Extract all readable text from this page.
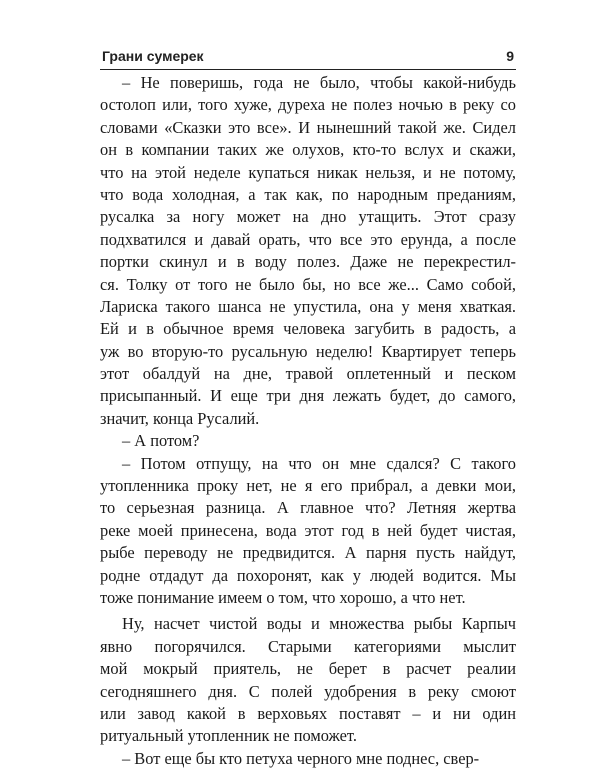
Грани сумерек	9
– Не поверишь, года не было, чтобы какой-нибудь
остолоп или, того хуже, дуреха не полез ночью в реку со
словами «Сказки это все». И нынешний такой же. Сидел
он в компании таких же олухов, кто-то вслух и скажи,
что на этой неделе купаться никак нельзя, и не потому,
что вода холодная, а так как, по народным преданиям,
русалка за ногу может на дно утащить. Этот сразу
подхватился и давай орать, что все это ерунда, а после
портки скинул и в воду полез. Даже не перекрестил-
ся. Толку от того не было бы, но все же... Само собой,
Лариска такого шанса не упустила, она у меня хваткая.
Ей и в обычное время человека загубить в радость, а
уж во вторую-то русальную неделю! Квартирует теперь
этот обалдуй на дне, травой оплетенный и песком
присыпанный. И еще три дня лежать будет, до самого,
значит, конца Русалий.
– А потом?
– Потом отпущу, на что он мне сдался? С такого
утопленника проку нет, не я его прибрал, а девки мои,
то серьезная разница. А главное что? Летняя жертва
реке моей принесена, вода этот год в ней будет чистая,
рыбе переводу не предвидится. А парня пусть найдут,
родне отдадут да похоронят, как у людей водится. Мы
тоже понимание имеем о том, что хорошо, а что нет.
Ну, насчет чистой воды и множества рыбы Карпыч
явно погорячился. Старыми категориями мыслит
мой мокрый приятель, не берет в расчет реалии
сегодняшнего дня. С полей удобрения в реку смоют
или завод какой в верховьях поставят – и ни один
ритуальный утопленник не поможет.
– Вот еще бы кто петуха черного мне поднес, свер-
